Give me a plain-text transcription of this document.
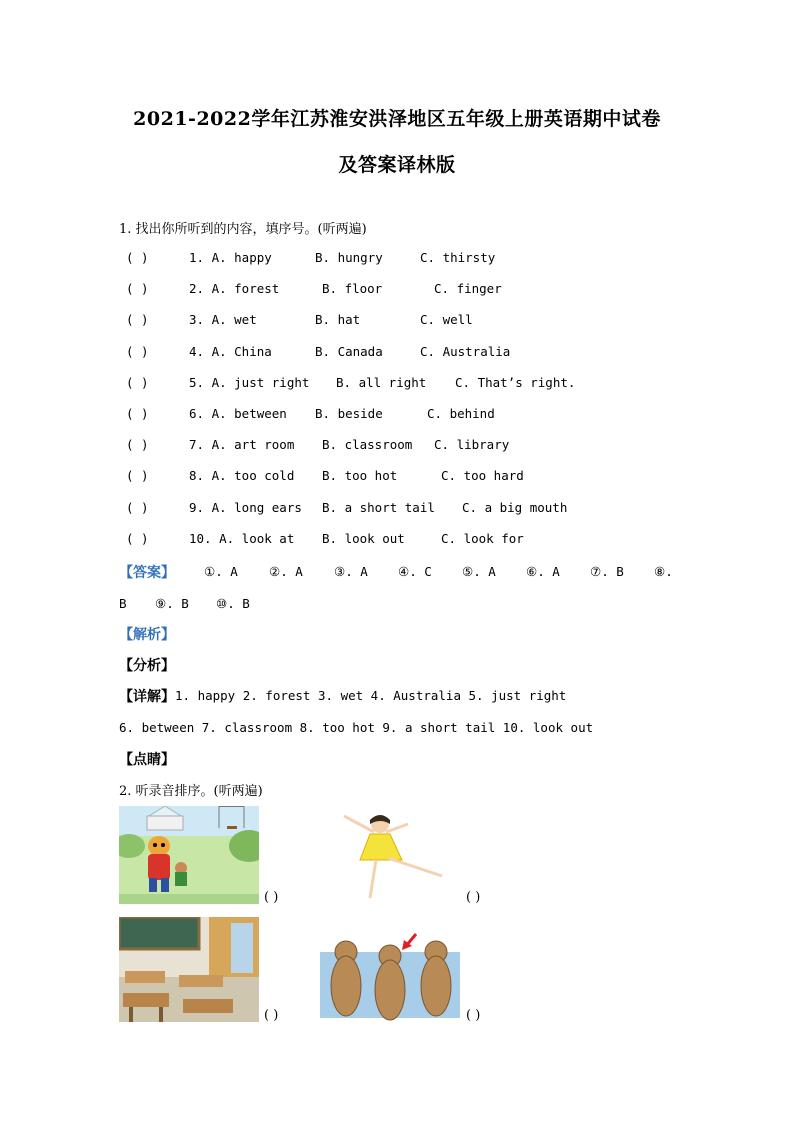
2021-2022学年江苏淮安洪泽地区五年级上册英语期中试卷
及答案译林版
1. 找出你所听到的内容，填序号。(听两遍)
( )	1. A. happy	B. hungry	C. thirsty
( )	2. A. forest	B. floor	C. finger
( )	3. A. wet	B. hat	C. well
( )	4. A. China	B. Canada	C. Australia
( )	5. A. just right B. all right C. That’s right.
( )	6. A. between B. beside	C. behind
( )	7. A. art room B. classroom C. library
( )	8. A. too cold B. too hot	C. too hard
( )	9. A. long ears B. a short tail C. a big mouth
( )	10. A. look at B. look out	C. look for
【答案】 ①. A ②. A ③. A ④. C ⑤. A ⑥. A ⑦. B ⑧.
B ⑨. B ⑩. B
【解析】
【分析】
【详解】 1. happy 2. forest 3. wet 4. Australia 5. just right
6. between 7. classroom 8. too hot 9. a short tail 10. look out
【点睛】
2. 听录音排序。(听两遍)
( )	( )
( )	( )
